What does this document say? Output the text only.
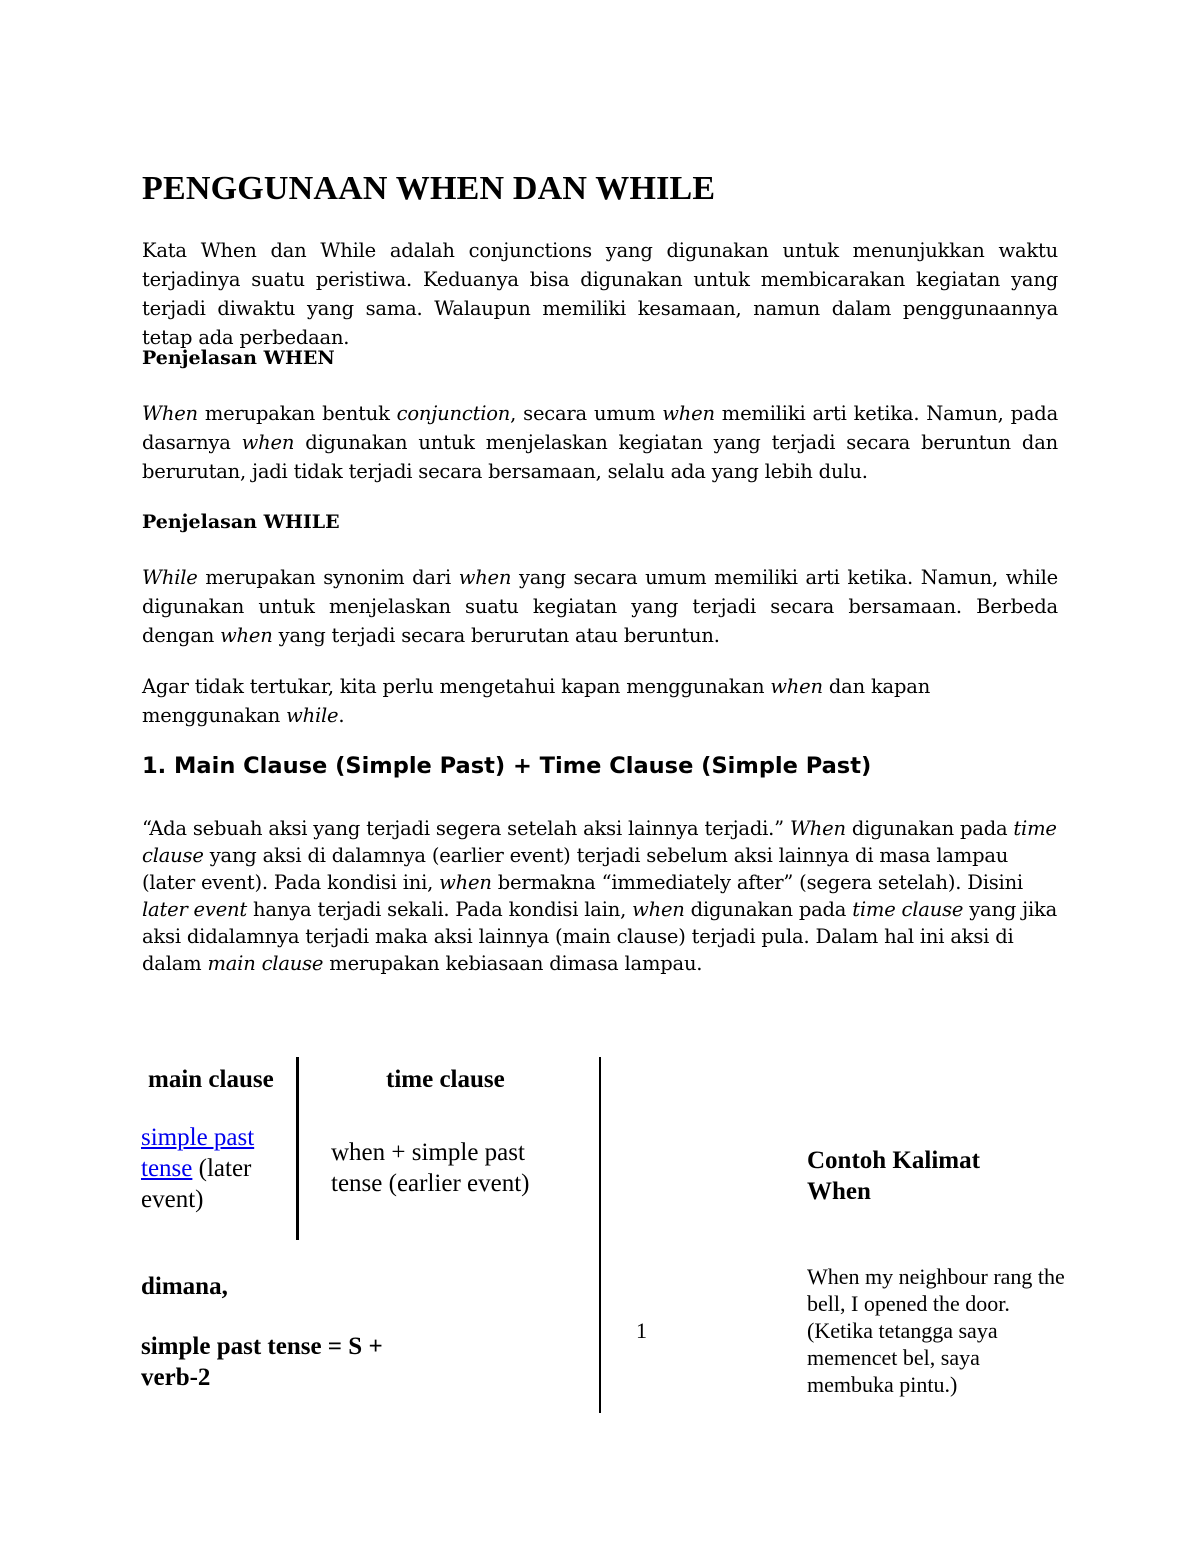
PENGGUNAAN WHEN DAN WHILE

Kata When dan While adalah conjunctions yang digunakan untuk menunjukkan waktu terjadinya suatu peristiwa. Keduanya bisa digunakan untuk membicarakan kegiatan yang terjadi diwaktu yang sama. Walaupun memiliki kesamaan, namun dalam penggunaannya tetap ada perbedaan.

Penjelasan WHEN

When merupakan bentuk conjunction, secara umum when memiliki arti ketika. Namun, pada dasarnya when digunakan untuk menjelaskan kegiatan yang terjadi secara beruntun dan berurutan, jadi tidak terjadi secara bersamaan, selalu ada yang lebih dulu.

Penjelasan WHILE

While merupakan synonim dari when yang secara umum memiliki arti ketika. Namun, while digunakan untuk menjelaskan suatu kegiatan yang terjadi secara bersamaan. Berbeda dengan when yang terjadi secara berurutan atau beruntun.

Agar tidak tertukar, kita perlu mengetahui kapan menggunakan when dan kapan menggunakan while.

1. Main Clause (Simple Past) + Time Clause (Simple Past)

“Ada sebuah aksi yang terjadi segera setelah aksi lainnya terjadi.” When digunakan pada time clause yang aksi di dalamnya (earlier event) terjadi sebelum aksi lainnya di masa lampau (later event). Pada kondisi ini, when bermakna “immediately after” (segera setelah). Disini later event hanya terjadi sekali. Pada kondisi lain, when digunakan pada time clause yang jika aksi didalamnya terjadi maka aksi lainnya (main clause) terjadi pula. Dalam hal ini aksi di dalam main clause merupakan kebiasaan dimasa lampau.

main clause	time clause
simple past tense (later event)
when + simple past tense (earlier event)
Contoh Kalimat When
dimana,
simple past tense = S + verb-2
1
When my neighbour rang the bell, I opened the door. (Ketika tetangga saya memencet bel, saya membuka pintu.)
